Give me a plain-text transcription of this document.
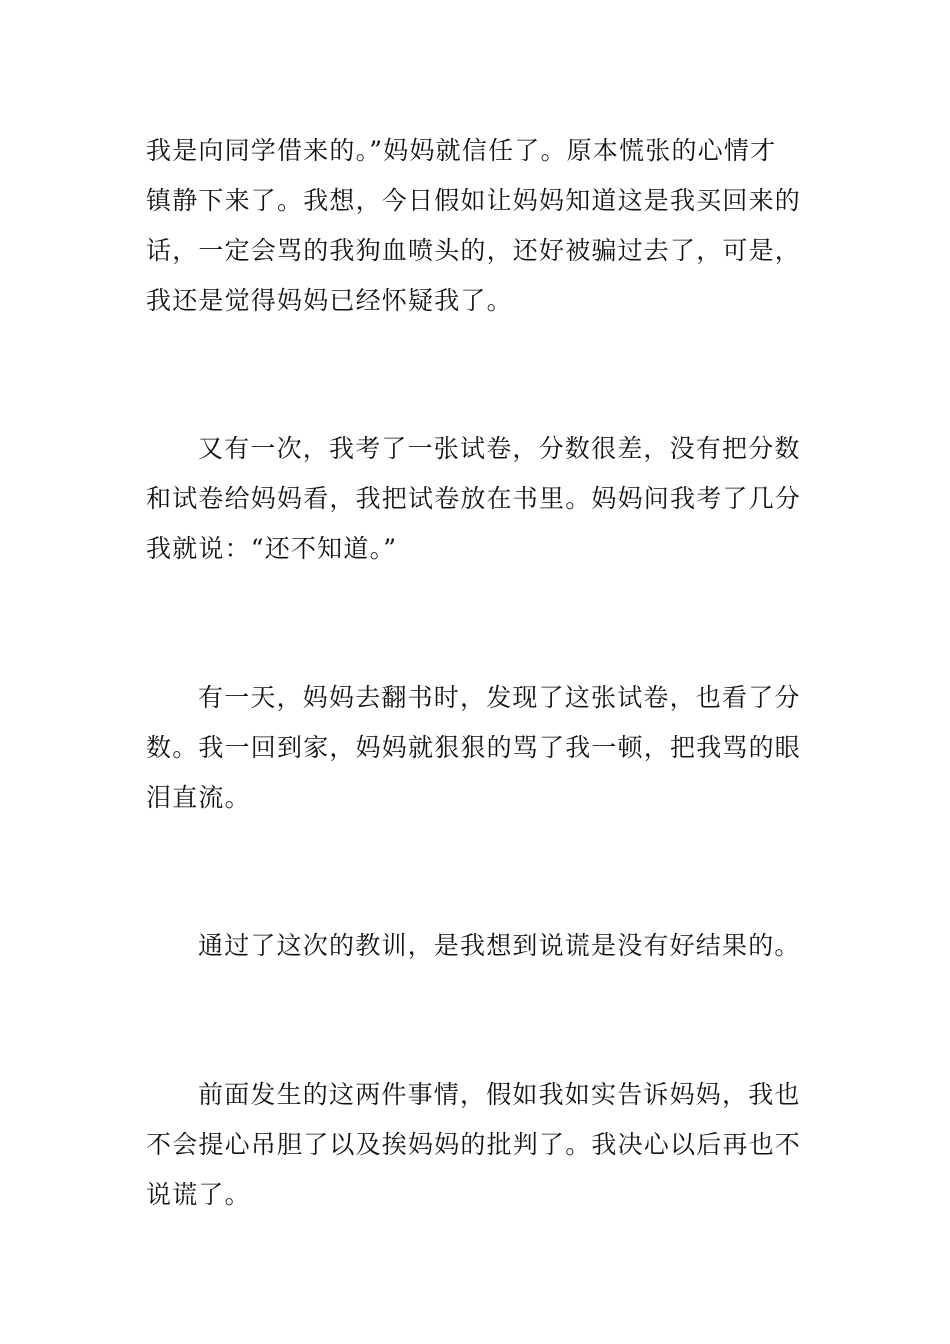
我是向同学借来的。”妈妈就信任了。原本慌张的心情才
镇静下来了。我想，今日假如让妈妈知道这是我买回来的
话，一定会骂的我狗血喷头的，还好被骗过去了，可是，
我还是觉得妈妈已经怀疑我了。
又有一次，我考了一张试卷，分数很差，没有把分数
和试卷给妈妈看，我把试卷放在书里。妈妈问我考了几分
我就说：“还不知道。”
有一天，妈妈去翻书时，发现了这张试卷，也看了分
数。我一回到家，妈妈就狠狠的骂了我一顿，把我骂的眼
泪直流。
通过了这次的教训，是我想到说谎是没有好结果的。
前面发生的这两件事情，假如我如实告诉妈妈，我也
不会提心吊胆了以及挨妈妈的批判了。我决心以后再也不
说谎了。
